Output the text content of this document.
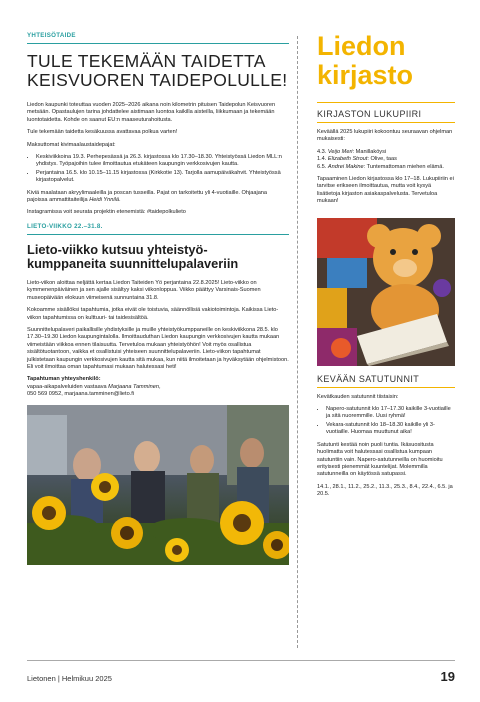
YHTEISÖTAIDE
TULE TEKEMÄÄN TAIDETTA
KEISVUOREN TAIDEPOLULLE!

Liedon kaupunki toteuttaa vuoden 2025–2026 aikana noin kilometrin pituisen Taidepolun Keisvuoren metsään. Opastaulujen tarina johdattelee aistimaan luontoa kaikilla aisteilla, liikkumaan ja tekemään luontotaidetta. Kohde on saanut EU:n maaseuturahoitusta.

Tule tekemään taidetta kesäkuussa avattavaa polkua varten!

Maksuttomat kivimaalaustaidepajat:

• Keskiviikkoina 19.3. Perhepesässä ja 26.3. kirjastossa klo 17.30–18.30. Yhteistyössä Liedon MLL:n yhdistys. Työpajoihin tulee ilmoittautua etukäteen kaupungin verkkosivujen kautta.
• Perjantaina 16.5. klo 10.15–11.15 kirjastossa (Kirkkotie 13). Tarjolla aamupäiväkahvit. Yhteistyössä kirjastopalvelut.

Kiviä maalataan akryylimaaleilla ja poscan tusseilla. Pajat on tarkoitettu yli 4-vuotiaille. Ohjaajana pajoissa ammattitaiteilija Heidi Ynnilä.

Instagramissa voit seurata projektin etenemistä: #taidepolkulieto

LIETO-VIIKKO 22.–31.8.
Lieto-viikko kutsuu yhteistyö-
kumppaneita suunnittelupalaveriin

Lieto-viikon aloittaa neljättä kertaa Liedon Taiteiden Yö perjantaina 22.8.2025! Lieto-viikko on kymmenenpäiväinen ja sen ajalle sisältyy kaksi viikonloppua. Viikko päättyy Varsinais-Suomen museopäivään elokuun viimeisenä sunnuntaina 31.8.

Kokoamme sisällöksi tapahtumia, jotka eivät ole toistuvia, säännöllisiä vakiotoimintoja. Kaikissa Lieto-viikon tapahtumissa on kulttuuri- tai taidesisältöä.

Suunnittelupalaveri paikallisille yhdistyksille ja muille yhteistyökumppaneille on keskiviikkona 28.5. klo 17.30–19.30 Liedon kaupungintalolla. Ilmoittauduthan Liedon kaupungin verkkosivujen kautta mukaan viimeistään viikkoa ennen tilaisuutta. Tervetuloa mukaan yhteistyöhön! Voit myös osallistua sisältötuotantoon, vaikka et osallistuisi yhteiseen suunnittelupalaveriin. Lieto-viikon tapahtumat julkistetaan kaupungin verkkosivujen kautta sitä mukaa, kun niitä ilmoitetaan ja hyväksytään ohjelmistoon. Eli voit ilmoittaa oman tapahtumasi mukaan halutessasi heti!

Tapahtuman yhteyshenkilö:
vapaa-aikapalveluiden vastaava Marjaana Tamminen,
050 569 0952, marjaana.tamminen@lieto.fi

Liedon
kirjasto
KIRJASTON LUKUPIIRI

Keväällä 2025 lukupiiri kokoontuu seuraavan ohjelman mukaisesti:

4.3. Veijo Meri: Manillaköysi
1.4. Elizabeth Strout: Olive, taas
6.5. Andrei Makine: Tuntemattoman miehen elämä.

Tapaaminen Liedon kirjastossa klo 17–18. Lukupiiriin ei tarvitse erikseen ilmoittautua, mutta voit kysyä lisätietoja kirjaston asiakaspalvelusta. Tervetuloa mukaan!

KEVÄÄN SATUTUNNIT

Kevätkauden satutunnit tiistaisin:

• Napero-satutunnit klo 17–17.30 kaikille 3-vuotiaille ja sitä nuoremmille. Uusi ryhmä!
• Vekara-satutunnit klo 18–18.30 kaikille yli 3-vuotiaille. Huomaa muuttunut aika!

Satutunti kestää noin puoli tuntia. Ikäsuositusta huolimatta voit halutessasi osallistua kumpaan satutuntiin vain. Napero-satutunneilla on huomioitu erityisesti pienemmät kuuntelijat. Molemmilla satutunneilla on käytössä satupassi.

14.1., 28.1., 11.2., 25.2., 11.3., 25.3., 8.4., 22.4., 6.5. ja 20.5.

Lietonen | Helmikuu 2025	19
